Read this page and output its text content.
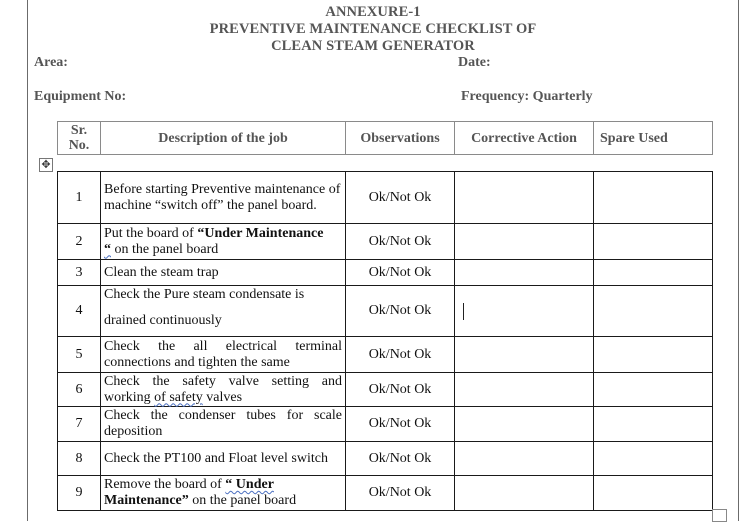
ANNEXURE-1
PREVENTIVE MAINTENANCE CHECKLIST OF
CLEAN STEAM GENERATOR
Area:	Date:
Equipment No:	Frequency: Quarterly
Sr.
No.	Description of the job	Observations	Corrective Action	Spare Used
✥
1	Before starting Preventive maintenance of machine “switch off” the panel board.	Ok/Not Ok		
2	Put the board of “Under Maintenance
“ on the panel board	Ok/Not Ok		
3	Clean the steam trap	Ok/Not Ok		
4	Check the Pure steam condensate is
drained continuously	Ok/Not Ok		
5	Check the all electrical terminal connections and tighten the same	Ok/Not Ok		
6	Check the safety valve setting and working of safety valves	Ok/Not Ok		
7	Check the condenser tubes for scale deposition	Ok/Not Ok		
8	Check the PT100 and Float level switch	Ok/Not Ok		
9	Remove the board of “ Under
Maintenance” on the panel board	Ok/Not Ok		
